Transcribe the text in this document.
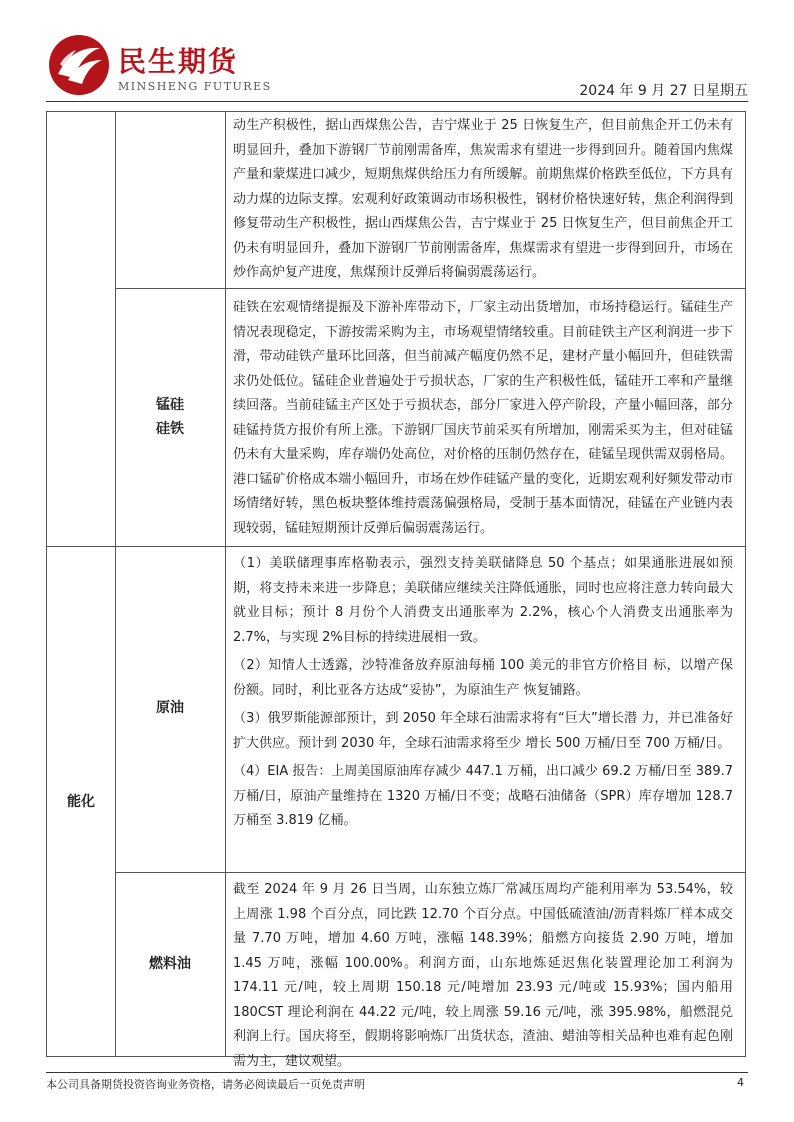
民生期货
MINSHENG FUTURES	2024 年 9 月 27 日星期五

动生产积极性，据山西煤焦公告，吉宁煤业于 25 日恢复生产，但目前焦企开工仍未有明显回升，叠加下游钢厂节前刚需备库，焦炭需求有望进一步得到回升。随着国内焦煤产量和蒙煤进口减少，短期焦煤供给压力有所缓解。前期焦煤价格跌至低位，下方具有动力煤的边际支撑。宏观利好政策调动市场积极性，钢材价格快速好转，焦企利润得到修复带动生产积极性，据山西煤焦公告，吉宁煤业于 25 日恢复生产，但目前焦企开工仍未有明显回升，叠加下游钢厂节前刚需备库，焦煤需求有望进一步得到回升，市场在炒作高炉复产进度，焦煤预计反弹后将偏弱震荡运行。

锰硅
硅铁

硅铁在宏观情绪提振及下游补库带动下，厂家主动出货增加，市场持稳运行。锰硅生产情况表现稳定，下游按需采购为主，市场观望情绪较重。目前硅铁主产区利润进一步下滑，带动硅铁产量环比回落，但当前减产幅度仍然不足，建材产量小幅回升，但硅铁需求仍处低位。锰硅企业普遍处于亏损状态，厂家的生产积极性低，锰硅开工率和产量继续回落。当前硅锰主产区处于亏损状态，部分厂家进入停产阶段，产量小幅回落，部分硅锰持货方报价有所上涨。下游钢厂国庆节前采买有所增加，刚需采买为主，但对硅锰仍未有大量采购，库存端仍处高位，对价格的压制仍然存在，硅锰呈现供需双弱格局。港口锰矿价格成本端小幅回升，市场在炒作硅锰产量的变化，近期宏观利好频发带动市场情绪好转，黑色板块整体维持震荡偏强格局，受制于基本面情况，硅锰在产业链内表现较弱，锰硅短期预计反弹后偏弱震荡运行。

能化
原油

（1）美联储理事库格勒表示，强烈支持美联储降息 50 个基点；如果通胀进展如预期，将支持未来进一步降息；美联储应继续关注降低通胀，同时也应将注意力转向最大就业目标；预计 8 月份个人消费支出通胀率为 2.2%，核心个人消费支出通胀率为 2.7%，与实现 2%目标的持续进展相一致。

（2）知情人士透露，沙特准备放弃原油每桶 100 美元的非官方价格目 标，以增产保份额。同时，利比亚各方达成“妥协”，为原油生产 恢复铺路。

（3）俄罗斯能源部预计，到 2050 年全球石油需求将有“巨大”增长潜 力，并已准备好扩大供应。预计到 2030 年，全球石油需求将至少 增长 500 万桶/日至 700 万桶/日。

（4）EIA 报告：上周美国原油库存减少 447.1 万桶，出口减少 69.2 万桶/日至 389.7 万桶/日，原油产量维持在 1320 万桶/日不变；战略石油储备（SPR）库存增加 128.7 万桶至 3.819 亿桶。

燃料油

截至 2024 年 9 月 26 日当周，山东独立炼厂常减压周均产能利用率为 53.54%，较上周涨 1.98 个百分点，同比跌 12.70 个百分点。中国低硫渣油/沥青料炼厂样本成交量 7.70 万吨，增加 4.60 万吨，涨幅 148.39%；船燃方向接货 2.90 万吨，增加 1.45 万吨，涨幅 100.00%。利润方面，山东地炼延迟焦化装置理论加工利润为 174.11 元/吨，较上周期 150.18 元/吨增加 23.93 元/吨或 15.93%；国内船用 180CST 理论利润在 44.22 元/吨，较上周涨 59.16 元/吨，涨 395.98%，船燃混兑利润上行。国庆将至，假期将影响炼厂出货状态，渣油、蜡油等相关品种也难有起色刚需为主，建议观望。

本公司具备期货投资咨询业务资格，请务必阅读最后一页免责声明	4
